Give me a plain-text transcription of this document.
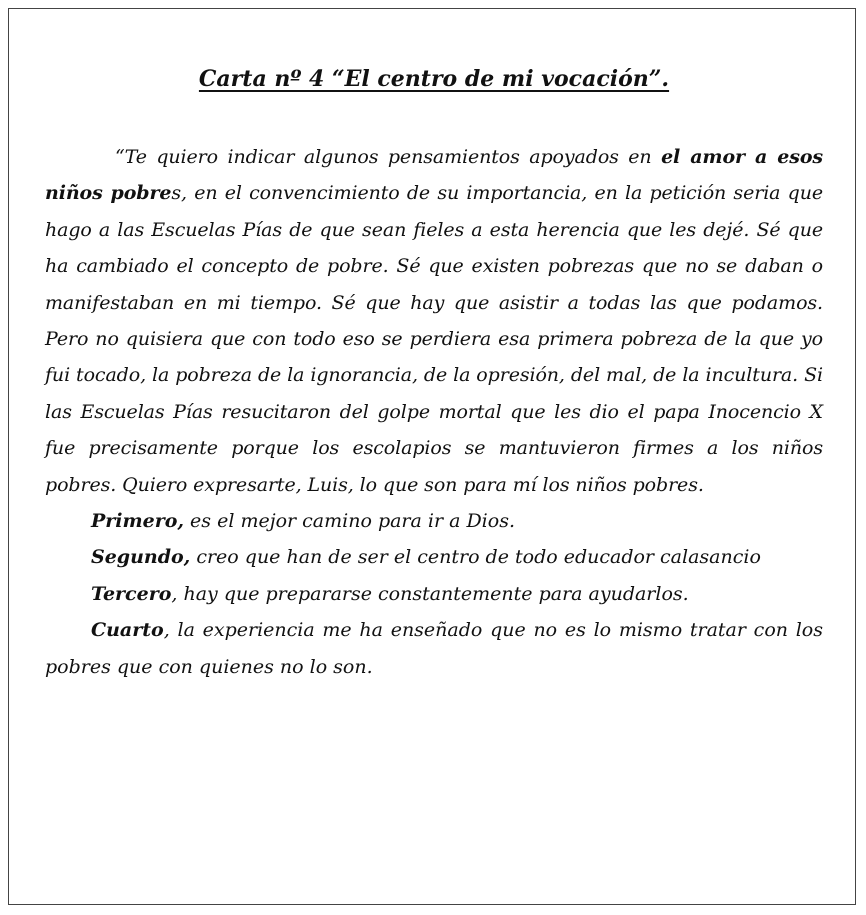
Carta nº 4 “El centro de mi vocación”.

“Te quiero indicar algunos pensamientos apoyados en el amor a esos niños pobres, en el convencimiento de su importancia, en la petición seria que hago a las Escuelas Pías de que sean fieles a esta herencia que les dejé. Sé que ha cambiado el concepto de pobre. Sé que existen pobrezas que no se daban o manifestaban en mi tiempo. Sé que hay que asistir a todas las que podamos. Pero no quisiera que con todo eso se perdiera esa primera pobreza de la que yo fui tocado, la pobreza de la ignorancia, de la opresión, del mal, de la incultura. Si las Escuelas Pías resucitaron del golpe mortal que les dio el papa Inocencio X fue precisamente porque los escolapios se mantuvieron firmes a los niños pobres. Quiero expresarte, Luis, lo que son para mí los niños pobres.

Primero, es el mejor camino para ir a Dios.

Segundo, creo que han de ser el centro de todo educador calasancio

Tercero, hay que prepararse constantemente para ayudarlos.

Cuarto, la experiencia me ha enseñado que no es lo mismo tratar con los pobres que con quienes no lo son.
